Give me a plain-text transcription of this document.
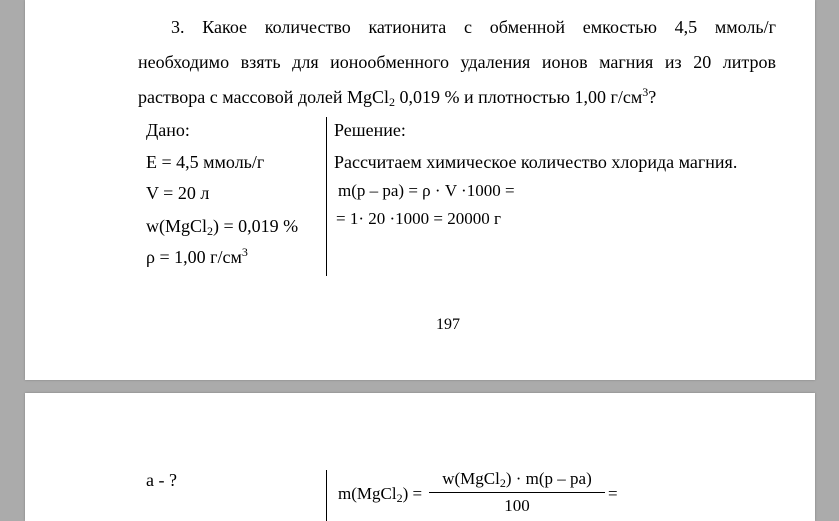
3. Какое количество катионита с обменной емкостью 4,5 ммоль/г
необходимо взять для ионообменного удаления ионов магния из 20 литров
раствора с массовой долей MgCl$_2$ 0,019 % и плотностью 1,00 $г/см^3$?
Дано:
Е = 4,5 ммоль/г
V = 20 л
w(MgCl$_2$) = 0,019 %
ρ = 1,00 $г/см^3$
Решение:
Рассчитаем химическое количество хлорида магния.
m(р – ра) = ρ · V ·1000 =
= 1· 20 ·1000 = 20000 г
197
a - ?
m(MgCl$_2$) =
w(MgCl$_2$) · m(р – ра)
100
=
